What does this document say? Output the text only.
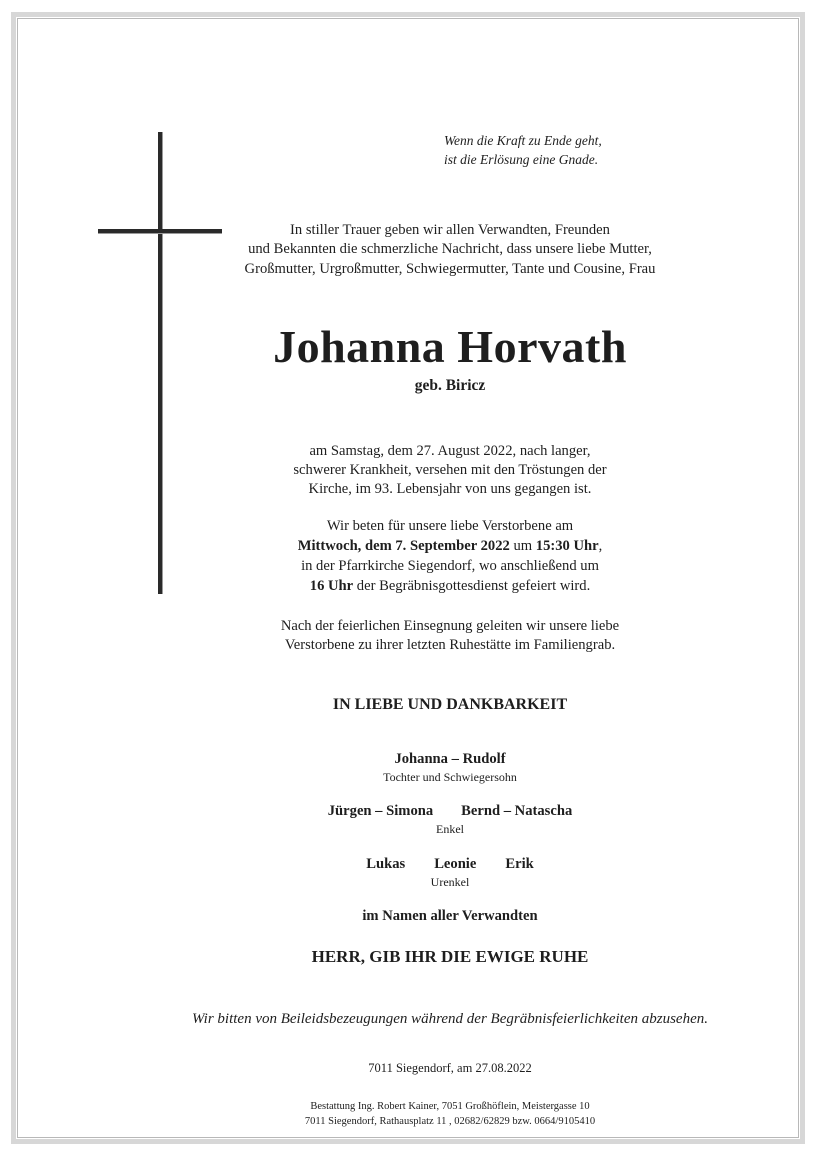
Wenn die Kraft zu Ende geht,
ist die Erlösung eine Gnade.
In stiller Trauer geben wir allen Verwandten, Freunden
und Bekannten die schmerzliche Nachricht, dass unsere liebe Mutter,
Großmutter, Urgroßmutter, Schwiegermutter, Tante und Cousine, Frau
Johanna Horvath
geb. Biricz
am Samstag, dem 27. August 2022, nach langer,
schwerer Krankheit, versehen mit den Tröstungen der
Kirche, im 93. Lebensjahr von uns gegangen ist.
Wir beten für unsere liebe Verstorbene am
Mittwoch, dem 7. September 2022 um 15:30 Uhr,
in der Pfarrkirche Siegendorf, wo anschließend um
16 Uhr der Begräbnisgottesdienst gefeiert wird.
Nach der feierlichen Einsegnung geleiten wir unsere liebe
Verstorbene zu ihrer letzten Ruhestätte im Familiengrab.
IN LIEBE UND DANKBARKEIT
Johanna – Rudolf
Tochter und Schwiegersohn
Jürgen – Simona Bernd – Natascha
Enkel
Lukas Leonie Erik
Urenkel
im Namen aller Verwandten
HERR, GIB IHR DIE EWIGE RUHE
Wir bitten von Beileidsbezeugungen während der Begräbnisfeierlichkeiten abzusehen.
7011 Siegendorf, am 27.08.2022
Bestattung Ing. Robert Kainer, 7051 Großhöflein, Meistergasse 10
7011 Siegendorf, Rathausplatz 11 , 02682/62829 bzw. 0664/9105410
